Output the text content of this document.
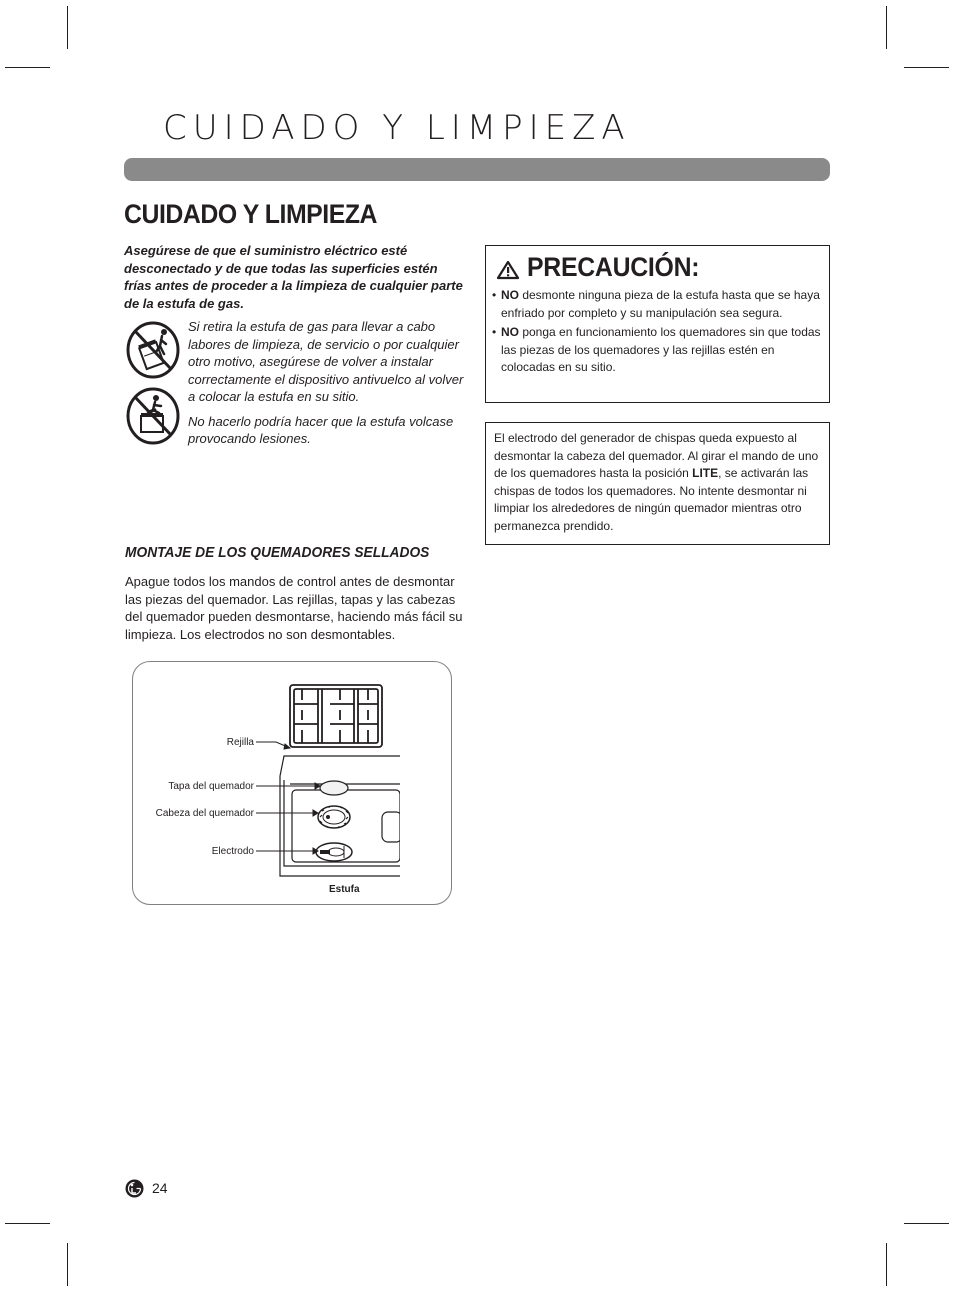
CUIDADO Y LIMPIEZA
CUIDADO Y LIMPIEZA
Asegúrese de que el suministro eléctrico esté desconectado y de que todas las superficies estén frías antes de proceder a la limpieza de cualquier parte de la estufa de gas.

Si retira la estufa de gas para llevar a cabo labores de limpieza, de servicio o por cualquier otro motivo, asegúrese de volver a instalar correctamente el dispositivo antivuelco al volver a colocar la estufa en su sitio.

No hacerlo podría hacer que la estufa volcase provocando lesiones.

MONTAJE DE LOS QUEMADORES SELLADOS
Apague todos los mandos de control antes de desmontar las piezas del quemador. Las rejillas, tapas y las cabezas del quemador pueden desmontarse, haciendo más fácil su limpieza. Los electrodos no son desmontables.
Rejilla
Tapa del quemador
Cabeza del quemador
Electrodo
Estufa
PRECAUCIÓN:
• NO desmonte ninguna pieza de la estufa hasta que se haya enfriado por completo y su manipulación sea segura.
• NO ponga en funcionamiento los quemadores sin que todas las piezas de los quemadores y las rejillas estén en colocadas en su sitio.
El electrodo del generador de chispas queda expuesto al desmontar la cabeza del quemador. Al girar el mando de uno de los quemadores hasta la posición LITE, se activarán las chispas de todos los quemadores. No intente desmontar ni limpiar los alrededores de ningún quemador mientras otro permanezca prendido.
24
